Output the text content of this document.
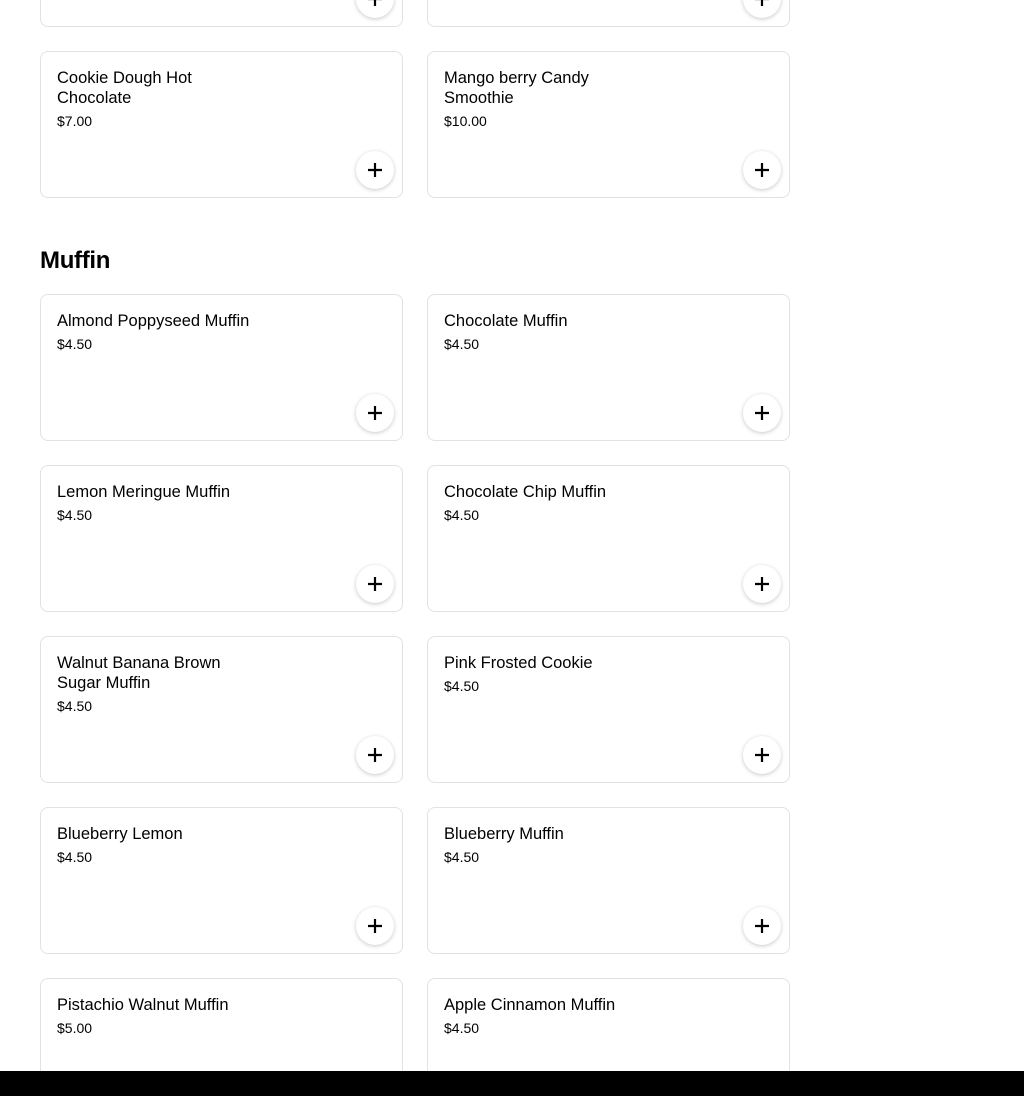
Cookie Dough Hot Chocolate
$7.00
Mango berry Candy Smoothie
$10.00
Muffin
Almond Poppyseed Muffin
$4.50
Chocolate Muffin
$4.50
Lemon Meringue Muffin
$4.50
Chocolate Chip Muffin
$4.50
Walnut Banana Brown Sugar Muffin
$4.50
Pink Frosted Cookie
$4.50
Blueberry Lemon
$4.50
Blueberry Muffin
$4.50
Pistachio Walnut Muffin
$5.00
Apple Cinnamon Muffin
$4.50
